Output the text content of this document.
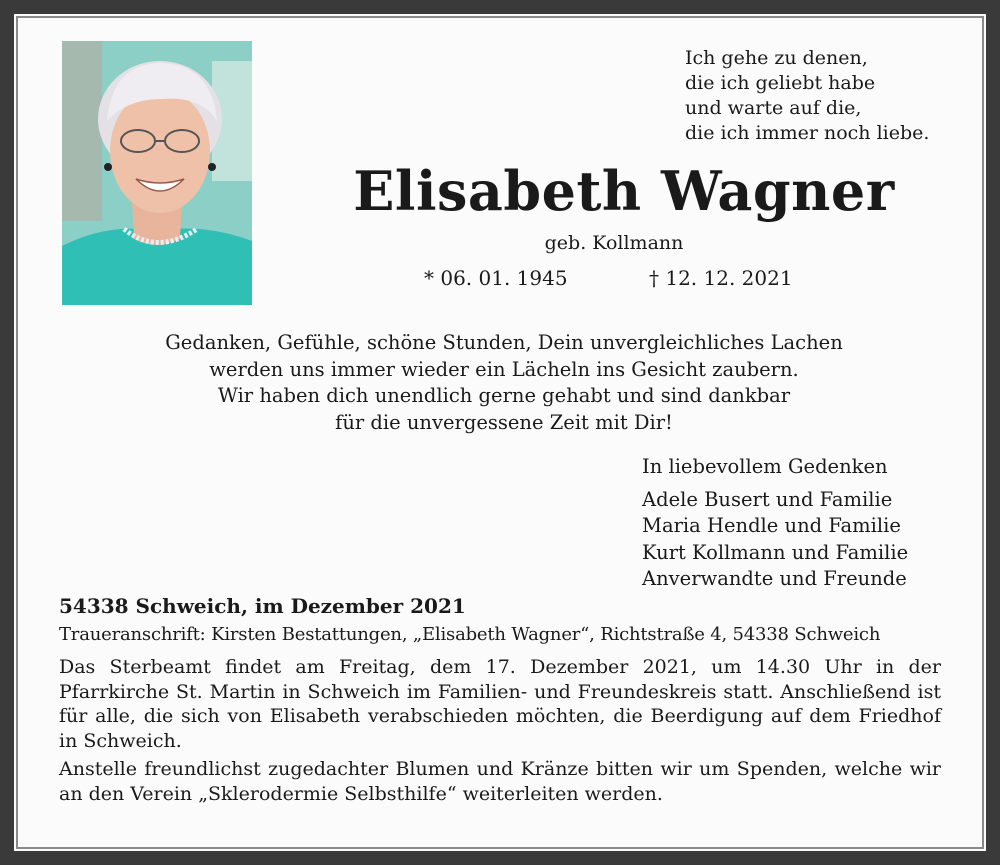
Ich gehe zu denen,
die ich geliebt habe
und warte auf die,
die ich immer noch liebe.
Elisabeth Wagner
geb. Kollmann
* 06. 01. 1945	† 12. 12. 2021
Gedanken, Gefühle, schöne Stunden, Dein unvergleichliches Lachen
werden uns immer wieder ein Lächeln ins Gesicht zaubern.
Wir haben dich unendlich gerne gehabt und sind dankbar
für die unvergessene Zeit mit Dir!
In liebevollem Gedenken
Adele Busert und Familie
Maria Hendle und Familie
Kurt Kollmann und Familie
Anverwandte und Freunde
54338 Schweich, im Dezember 2021
Traueranschrift: Kirsten Bestattungen, „Elisabeth Wagner“, Richtstraße 4, 54338 Schweich
Das Sterbeamt findet am Freitag, dem 17. Dezember 2021, um 14.30 Uhr in der Pfarrkirche St. Martin in Schweich im Familien- und Freundeskreis statt. Anschließend ist für alle, die sich von Elisabeth verabschieden möchten, die Beerdigung auf dem Friedhof in Schweich.
Anstelle freundlichst zugedachter Blumen und Kränze bitten wir um Spenden, welche wir an den Verein „Sklerodermie Selbsthilfe“ weiterleiten werden.
